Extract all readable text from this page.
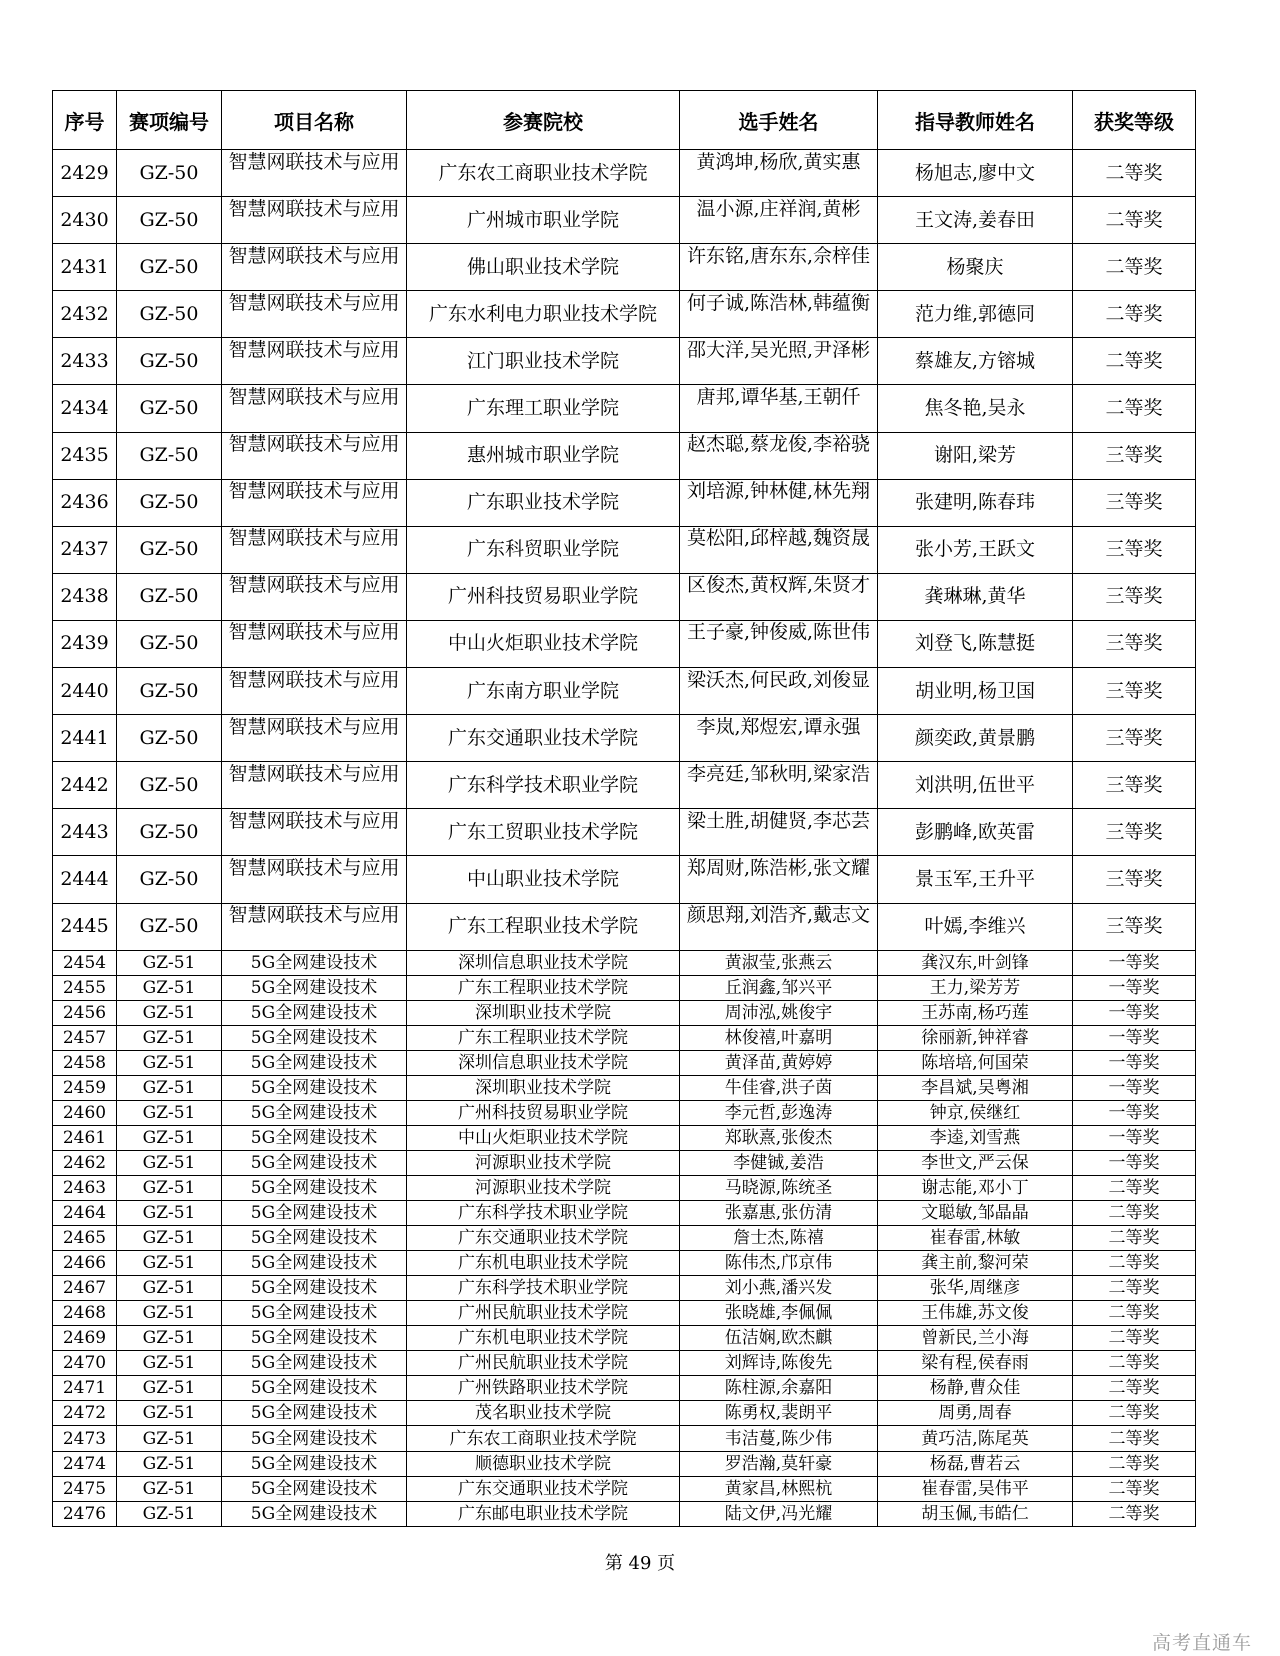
序号	赛项编号	项目名称	参赛院校	选手姓名	指导教师姓名	获奖等级

2429	GZ-50	智慧网联技术与应用	广东农工商职业技术学院	黄鸿坤,杨欣,黄实惠	杨旭志,廖中文	二等奖

2430	GZ-50	智慧网联技术与应用	广州城市职业学院	温小源,庄祥润,黄彬	王文涛,姜春田	二等奖

2431	GZ-50	智慧网联技术与应用	佛山职业技术学院	许东铭,唐东东,佘梓佳	杨聚庆	二等奖

2432	GZ-50	智慧网联技术与应用	广东水利电力职业技术学院	何子诚,陈浩林,韩蕴衡	范力维,郭德同	二等奖

2433	GZ-50	智慧网联技术与应用	江门职业技术学院	邵大洋,吴光照,尹泽彬	蔡雄友,方镕城	二等奖

2434	GZ-50	智慧网联技术与应用	广东理工职业学院	唐邦,谭华基,王朝仟	焦冬艳,吴永	二等奖

2435	GZ-50	智慧网联技术与应用	惠州城市职业学院	赵杰聪,蔡龙俊,李裕骁	谢阳,梁芳	三等奖

2436	GZ-50	智慧网联技术与应用	广东职业技术学院	刘培源,钟林健,林先翔	张建明,陈春玮	三等奖

2437	GZ-50	智慧网联技术与应用	广东科贸职业学院	莫松阳,邱梓越,魏资晟	张小芳,王跃文	三等奖

2438	GZ-50	智慧网联技术与应用	广州科技贸易职业学院	区俊杰,黄权辉,朱贤才	龚琳琳,黄华	三等奖

2439	GZ-50	智慧网联技术与应用	中山火炬职业技术学院	王子豪,钟俊威,陈世伟	刘登飞,陈慧挺	三等奖

2440	GZ-50	智慧网联技术与应用	广东南方职业学院	梁沃杰,何民政,刘俊显	胡业明,杨卫国	三等奖

2441	GZ-50	智慧网联技术与应用	广东交通职业技术学院	李岚,郑煜宏,谭永强	颜奕政,黄景鹏	三等奖

2442	GZ-50	智慧网联技术与应用	广东科学技术职业学院	李亮廷,邹秋明,梁家浩	刘洪明,伍世平	三等奖

2443	GZ-50	智慧网联技术与应用	广东工贸职业技术学院	梁土胜,胡健贤,李芯芸	彭鹏峰,欧英雷	三等奖

2444	GZ-50	智慧网联技术与应用	中山职业技术学院	郑周财,陈浩彬,张文耀	景玉军,王升平	三等奖

2445	GZ-50	智慧网联技术与应用	广东工程职业技术学院	颜思翔,刘浩齐,戴志文	叶嫣,李维兴	三等奖

2454	GZ-51	5G全网建设技术	深圳信息职业技术学院	黄淑莹,张燕云	龚汉东,叶剑锋	一等奖

2455	GZ-51	5G全网建设技术	广东工程职业技术学院	丘润鑫,邹兴平	王力,梁芳芳	一等奖

2456	GZ-51	5G全网建设技术	深圳职业技术学院	周沛泓,姚俊宇	王苏南,杨巧莲	一等奖

2457	GZ-51	5G全网建设技术	广东工程职业技术学院	林俊禧,叶嘉明	徐丽新,钟祥睿	一等奖

2458	GZ-51	5G全网建设技术	深圳信息职业技术学院	黄泽苗,黄婷婷	陈培培,何国荣	一等奖

2459	GZ-51	5G全网建设技术	深圳职业技术学院	牛佳睿,洪子茵	李昌斌,吴粤湘	一等奖

2460	GZ-51	5G全网建设技术	广州科技贸易职业学院	李元哲,彭逸涛	钟京,侯继红	一等奖

2461	GZ-51	5G全网建设技术	中山火炬职业技术学院	郑耿熹,张俊杰	李逵,刘雪燕	一等奖

2462	GZ-51	5G全网建设技术	河源职业技术学院	李健铖,姜浩	李世文,严云保	一等奖

2463	GZ-51	5G全网建设技术	河源职业技术学院	马晓源,陈统圣	谢志能,邓小丁	二等奖

2464	GZ-51	5G全网建设技术	广东科学技术职业学院	张嘉惠,张仿清	文聪敏,邹晶晶	二等奖

2465	GZ-51	5G全网建设技术	广东交通职业技术学院	詹士杰,陈禧	崔春雷,林敏	二等奖

2466	GZ-51	5G全网建设技术	广东机电职业技术学院	陈伟杰,邝京伟	龚主前,黎河荣	二等奖

2467	GZ-51	5G全网建设技术	广东科学技术职业学院	刘小燕,潘兴发	张华,周继彦	二等奖

2468	GZ-51	5G全网建设技术	广州民航职业技术学院	张晓雄,李佩佩	王伟雄,苏文俊	二等奖

2469	GZ-51	5G全网建设技术	广东机电职业技术学院	伍洁娴,欧杰麒	曾新民,兰小海	二等奖

2470	GZ-51	5G全网建设技术	广州民航职业技术学院	刘辉诗,陈俊先	梁有程,侯春雨	二等奖

2471	GZ-51	5G全网建设技术	广州铁路职业技术学院	陈柱源,余嘉阳	杨静,曹众佳	二等奖

2472	GZ-51	5G全网建设技术	茂名职业技术学院	陈勇权,裴朗平	周勇,周春	二等奖

2473	GZ-51	5G全网建设技术	广东农工商职业技术学院	韦洁蔓,陈少伟	黄巧洁,陈尾英	二等奖

2474	GZ-51	5G全网建设技术	顺德职业技术学院	罗浩瀚,莫轩豪	杨磊,曹若云	二等奖

2475	GZ-51	5G全网建设技术	广东交通职业技术学院	黄家昌,林熙杭	崔春雷,吴伟平	二等奖

2476	GZ-51	5G全网建设技术	广东邮电职业技术学院	陆文伊,冯光耀	胡玉佩,韦皓仁	二等奖
第 49 页
高考直通车
